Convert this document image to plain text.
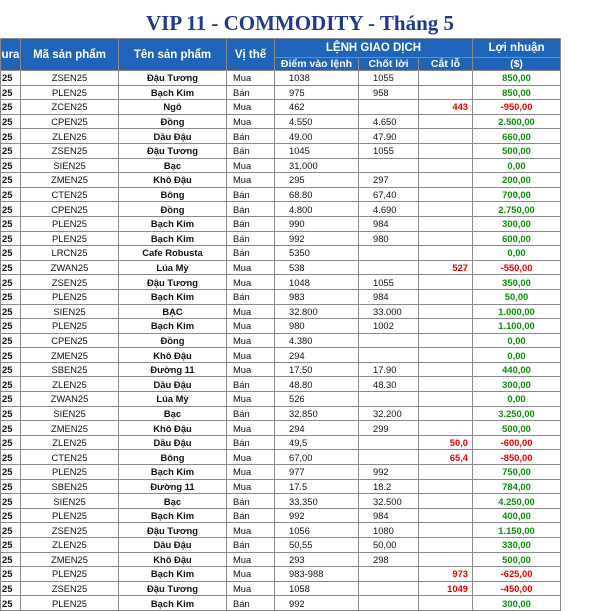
VIP 11 - COMMODITY - Tháng 5
ura	Mã sản phẩm	Tên sản phẩm	Vị thế	LỆNH GIAO DỊCH			Lợi nhuận
				Điểm vào lệnh	Chốt lời	Cắt lỗ	($)
25	ZSEN25	Đậu Tương	Mua	1038	1055		850,00
25	PLEN25	Bạch Kim	Bán	975	958		850,00
25	ZCEN25	Ngô	Mua	462		443	-950,00
25	CPEN25	Đồng	Mua	4.550	4.650		2.500,00
25	ZLEN25	Dầu Đậu	Bán	49.00	47.90		660,00
25	ZSEN25	Đậu Tương	Bán	1045	1055		500,00
25	SIEN25	Bạc	Mua	31.000			0,00
25	ZMEN25	Khô Đậu	Mua	295	297		200,00
25	CTEN25	Bông	Bán	68.80	67,40		700,00
25	CPEN25	Đồng	Bán	4.800	4.690		2.750,00
25	PLEN25	Bạch Kim	Bán	990	984		300,00
25	PLEN25	Bạch Kim	Bán	992	980		600,00
25	LRCN25	Cafe Robusta	Bán	5350			0,00
25	ZWAN25	Lúa Mỳ	Mua	538		527	-550,00
25	ZSEN25	Đậu Tương	Mua	1048	1055		350,00
25	PLEN25	Bạch Kim	Bán	983	984		50,00
25	SIEN25	BẠC	Mua	32.800	33.000		1.000,00
25	PLEN25	Bạch Kim	Mua	980	1002		1.100,00
25	CPEN25	Đồng	Mua	4.380			0,00
25	ZMEN25	Khô Đậu	Mua	294			0,00
25	SBEN25	Đường 11	Mua	17.50	17.90		440,00
25	ZLEN25	Dầu Đậu	Bán	48.80	48.30		300,00
25	ZWAN25	Lúa Mỳ	Mua	526			0,00
25	SIEN25	Bạc	Bán	32.850	32.200		3.250,00
25	ZMEN25	Khô Đậu	Mua	294	299		500,00
25	ZLEN25	Dầu Đậu	Bán	49,5		50,0	-600,00
25	CTEN25	Bông	Mua	67,00		65,4	-850,00
25	PLEN25	Bạch Kim	Mua	977	992		750,00
25	SBEN25	Đường 11	Mua	17.5	18.2		784,00
25	SIEN25	Bạc	Bán	33.350	32.500		4.250,00
25	PLEN25	Bạch Kim	Bán	992	984		400,00
25	ZSEN25	Đậu Tương	Mua	1056	1080		1.150,00
25	ZLEN25	Dầu Đậu	Bán	50,55	50,00		330,00
25	ZMEN25	Khô Đậu	Mua	293	298		500,00
25	PLEN25	Bạch Kim	Mua	983-988		973	-625,00
25	ZSEN25	Đậu Tương	Mua	1058		1049	-450,00
25	PLEN25	Bạch Kim	Bán	992			300,00
